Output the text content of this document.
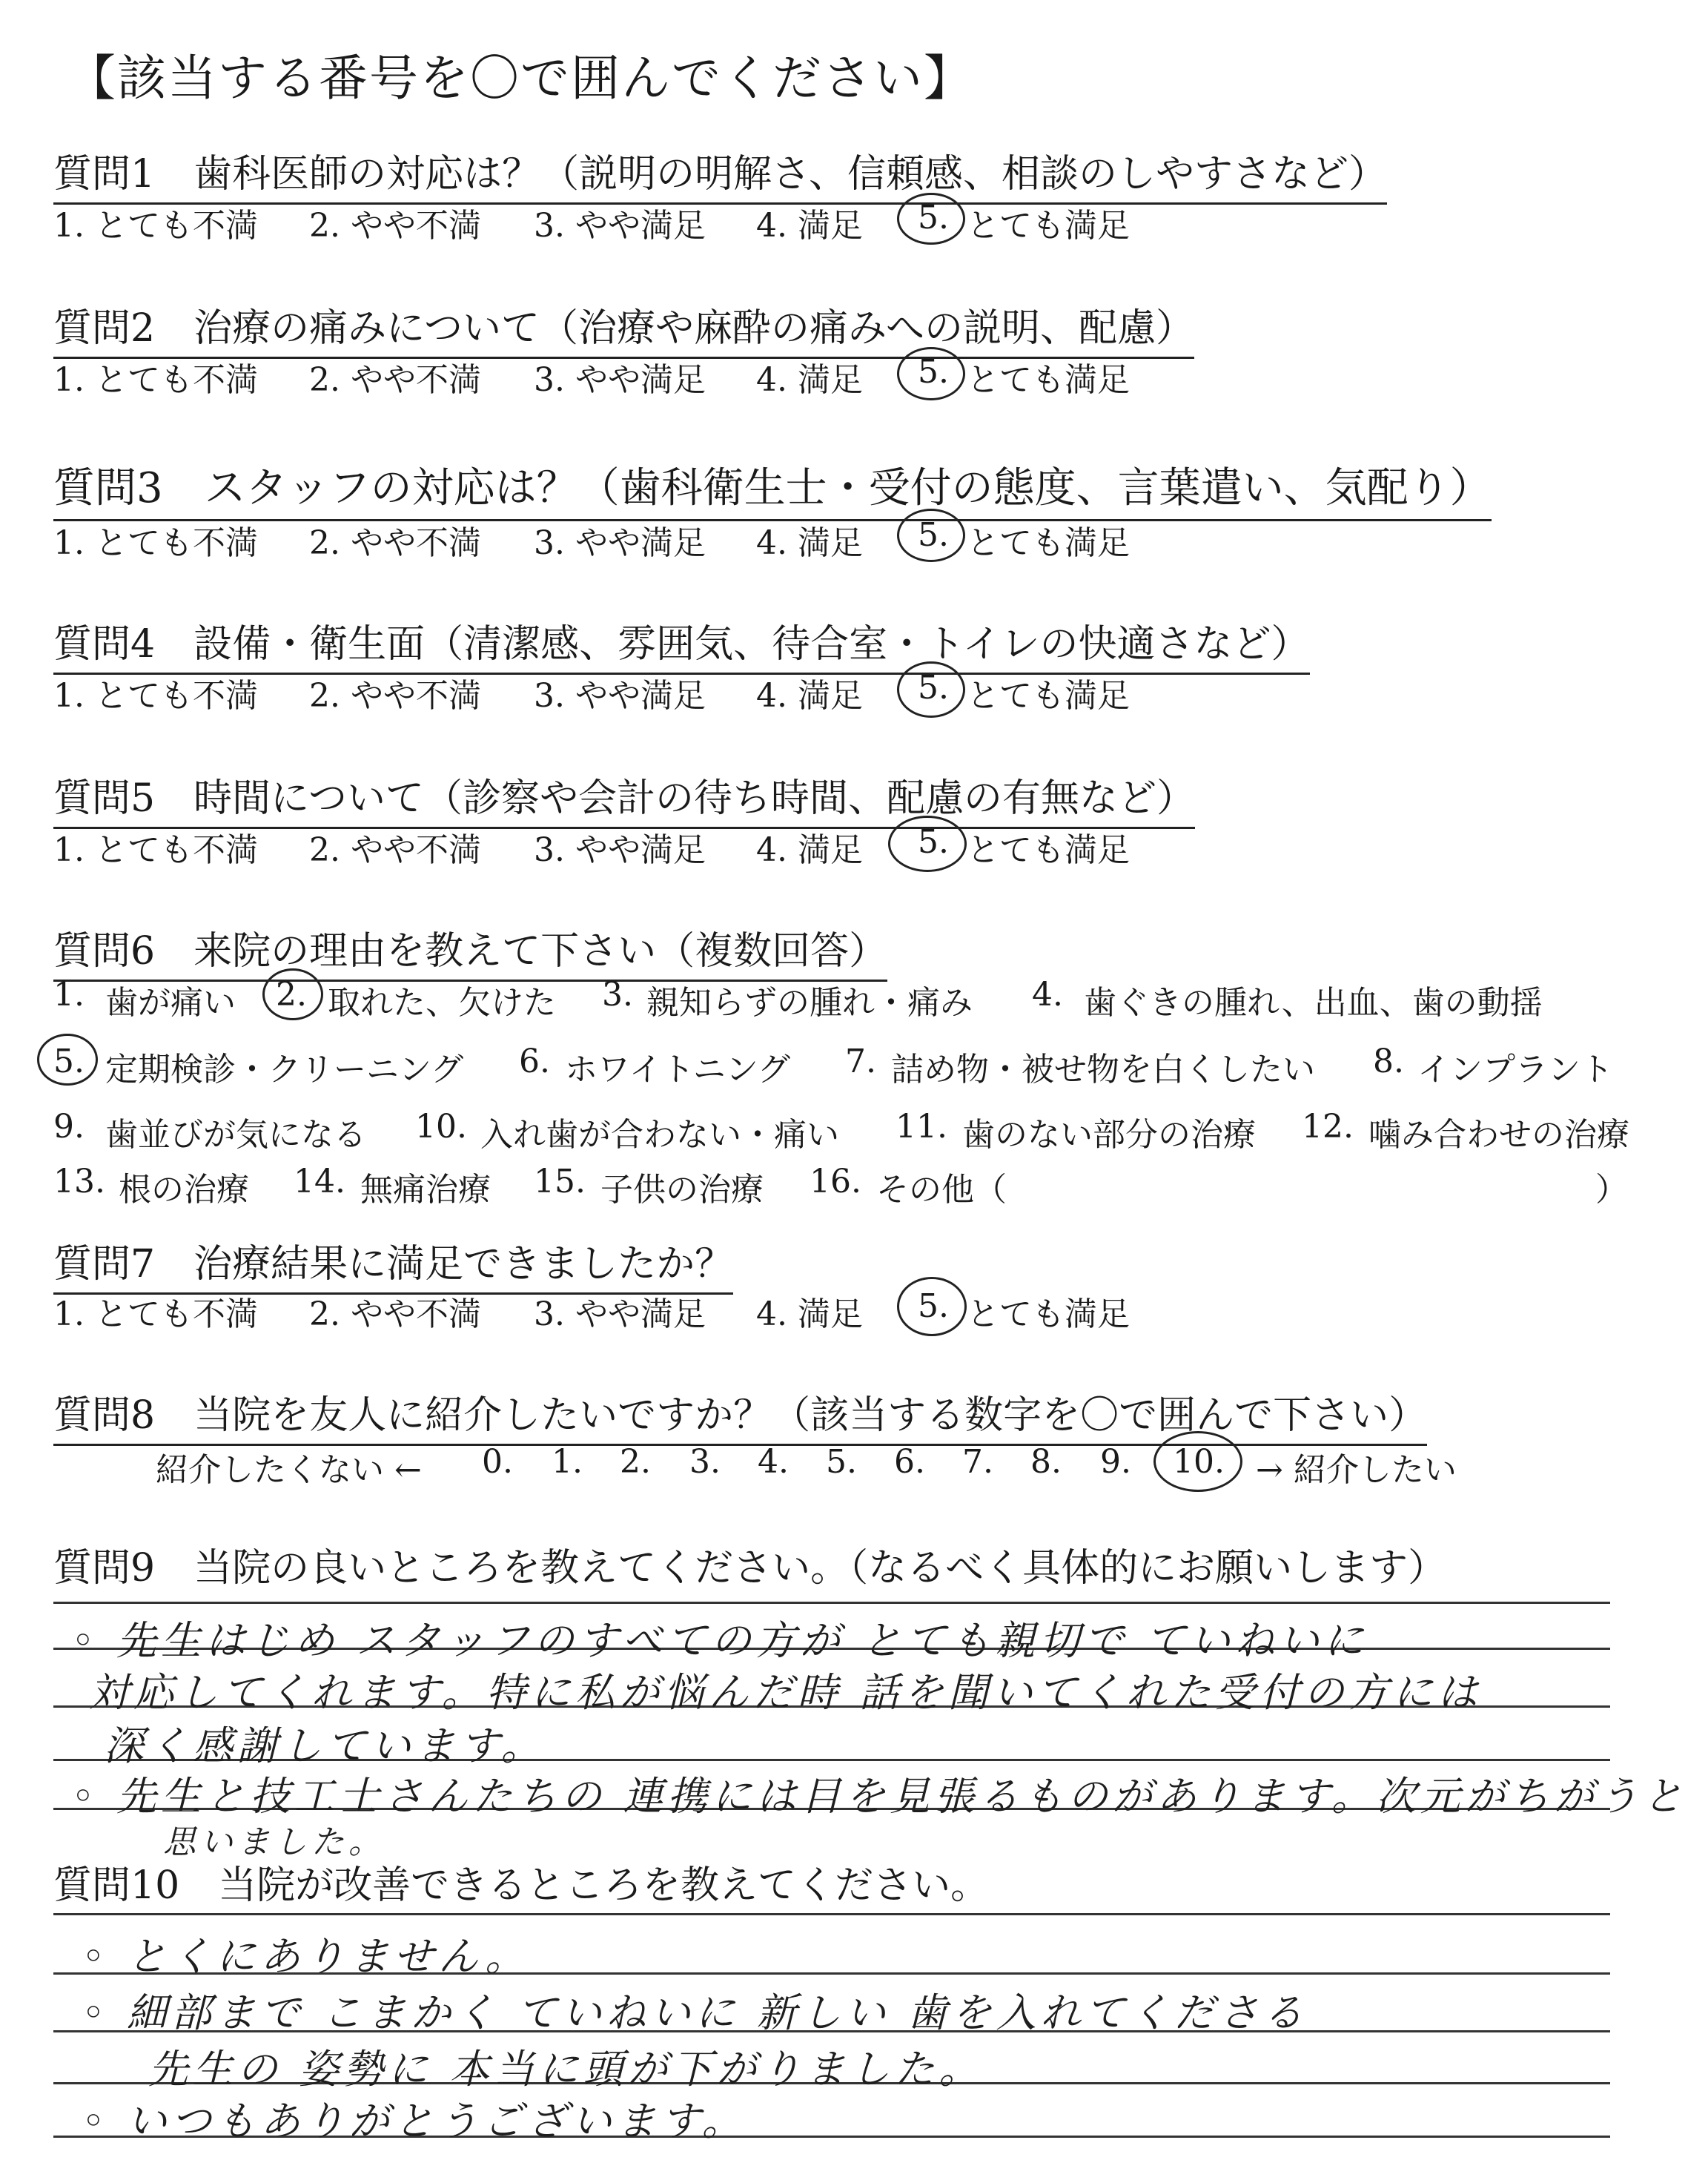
【該当する番号を〇で囲んでください】
質問1　歯科医師の対応は？（説明の明解さ、信頼感、相談のしやすさなど）
1. とても不満 2. やや不満 3. やや満足 4. 満足 5. とても満足
質問2　治療の痛みについて（治療や麻酔の痛みへの説明、配慮）
1. とても不満 2. やや不満 3. やや満足 4. 満足 5. とても満足
質問3　スタッフの対応は？（歯科衛生士・受付の態度、言葉遣い、気配り）
1. とても不満 2. やや不満 3. やや満足 4. 満足 5. とても満足
質問4　設備・衛生面（清潔感、雰囲気、待合室・トイレの快適さなど）
1. とても不満 2. やや不満 3. やや満足 4. 満足 5. とても満足
質問5　時間について（診察や会計の待ち時間、配慮の有無など）
1. とても不満 2. やや不満 3. やや満足 4. 満足 5. とても満足
質問6　来院の理由を教えて下さい（複数回答）
1. 歯が痛い 2. 取れた、欠けた 3. 親知らずの腫れ・痛み 4. 歯ぐきの腫れ、出血、歯の動揺
5. 定期検診・クリーニング 6. ホワイトニング 7. 詰め物・被せ物を白くしたい 8. インプラント
9. 歯並びが気になる 10. 入れ歯が合わない・痛い 11. 歯のない部分の治療 12. 噛み合わせの治療
13. 根の治療 14. 無痛治療 15. 子供の治療 16. その他（	）
質問7　治療結果に満足できましたか？
1. とても不満 2. やや不満 3. やや満足 4. 満足 5. とても満足
質問8　当院を友人に紹介したいですか？（該当する数字を〇で囲んで下さい）
紹介したくない ← 0. 1. 2. 3. 4. 5. 6. 7. 8. 9. 10. → 紹介したい
質問9　当院の良いところを教えてください。（なるべく具体的にお願いします）
◦ 先生はじめ スタッフのすべての方が とても親切で ていねいに
対応してくれます。特に私が悩んだ時 話を聞いてくれた受付の方には
深く感謝しています。
◦ 先生と技工士さんたちの 連携には目を見張るものがあります。次元がちがうと
思いました。
質問10　当院が改善できるところを教えてください。
◦ とくにありません。
◦ 細部まで こまかく ていねいに 新しい 歯を入れてくださる
先生の 姿勢に 本当に頭が下がりました。
◦ いつもありがとうございます。
